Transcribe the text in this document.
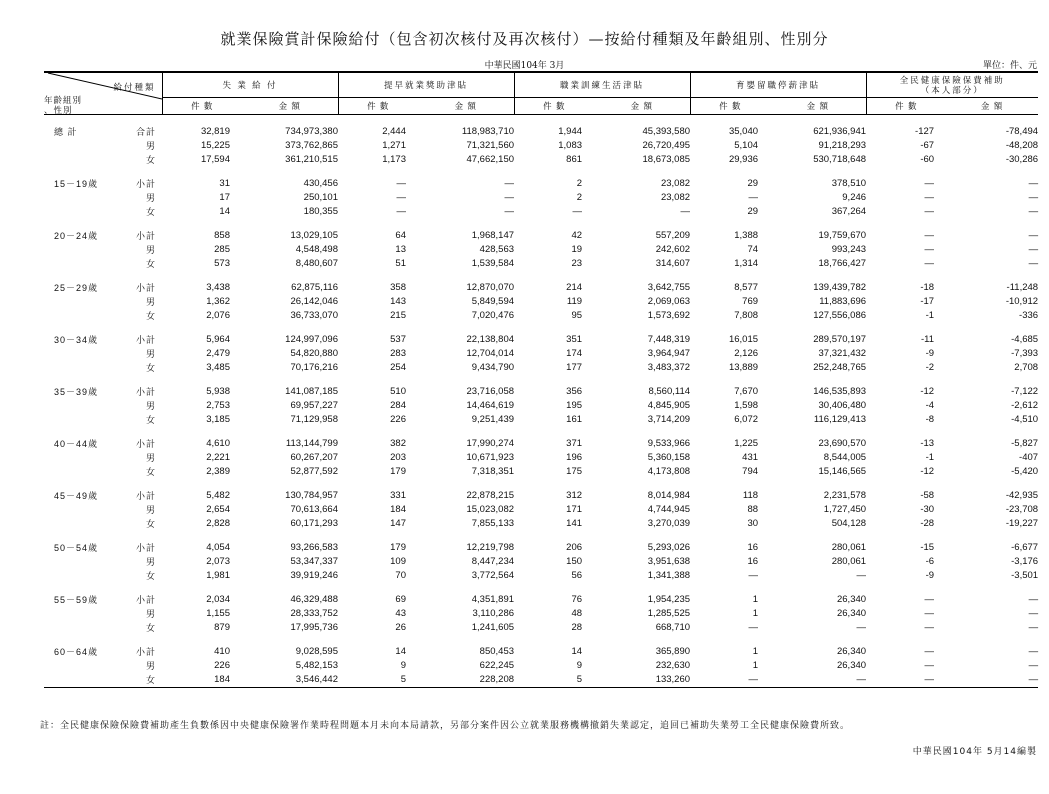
就業保險賞計保險給付（包含初次核付及再次核付）—按給付種類及年齡組別、性別分
中華民國104年 3月	單位：件、元
給付種類
年齡組別
、性別		失 業 給 付		提早就業獎助津貼		職業訓練生活津貼		育嬰留職停薪津貼		全民健康保險保費補助
（本人部分）	
		件 數	金 額	件 數	金 額	件 數	金 額	件 數	金 額	件 數	金 額

總 計	合計	32,819	734,973,380	2,444	118,983,710	1,944	45,393,580	35,040	621,936,941	-127	-78,494
	男	15,225	373,762,865	1,271	71,321,560	1,083	26,720,495	5,104	91,218,293	-67	-48,208
	女	17,594	361,210,515	1,173	47,662,150	861	18,673,085	29,936	530,718,648	-60	-30,286

15－19歲	小計	31	430,456	—	—	2	23,082	29	378,510	—	—
	男	17	250,101	—	—	2	23,082	—	9,246	—	—
	女	14	180,355	—	—	—	—	29	367,264	—	—

20－24歲	小計	858	13,029,105	64	1,968,147	42	557,209	1,388	19,759,670	—	—
	男	285	4,548,498	13	428,563	19	242,602	74	993,243	—	—
	女	573	8,480,607	51	1,539,584	23	314,607	1,314	18,766,427	—	—

25－29歲	小計	3,438	62,875,116	358	12,870,070	214	3,642,755	8,577	139,439,782	-18	-11,248
	男	1,362	26,142,046	143	5,849,594	119	2,069,063	769	11,883,696	-17	-10,912
	女	2,076	36,733,070	215	7,020,476	95	1,573,692	7,808	127,556,086	-1	-336

30－34歲	小計	5,964	124,997,096	537	22,138,804	351	7,448,319	16,015	289,570,197	-11	-4,685
	男	2,479	54,820,880	283	12,704,014	174	3,964,947	2,126	37,321,432	-9	-7,393
	女	3,485	70,176,216	254	9,434,790	177	3,483,372	13,889	252,248,765	-2	2,708

35－39歲	小計	5,938	141,087,185	510	23,716,058	356	8,560,114	7,670	146,535,893	-12	-7,122
	男	2,753	69,957,227	284	14,464,619	195	4,845,905	1,598	30,406,480	-4	-2,612
	女	3,185	71,129,958	226	9,251,439	161	3,714,209	6,072	116,129,413	-8	-4,510

40－44歲	小計	4,610	113,144,799	382	17,990,274	371	9,533,966	1,225	23,690,570	-13	-5,827
	男	2,221	60,267,207	203	10,671,923	196	5,360,158	431	8,544,005	-1	-407
	女	2,389	52,877,592	179	7,318,351	175	4,173,808	794	15,146,565	-12	-5,420

45－49歲	小計	5,482	130,784,957	331	22,878,215	312	8,014,984	118	2,231,578	-58	-42,935
	男	2,654	70,613,664	184	15,023,082	171	4,744,945	88	1,727,450	-30	-23,708
	女	2,828	60,171,293	147	7,855,133	141	3,270,039	30	504,128	-28	-19,227

50－54歲	小計	4,054	93,266,583	179	12,219,798	206	5,293,026	16	280,061	-15	-6,677
	男	2,073	53,347,337	109	8,447,234	150	3,951,638	16	280,061	-6	-3,176
	女	1,981	39,919,246	70	3,772,564	56	1,341,388	—	—	-9	-3,501

55－59歲	小計	2,034	46,329,488	69	4,351,891	76	1,954,235	1	26,340	—	—
	男	1,155	28,333,752	43	3,110,286	48	1,285,525	1	26,340	—	—
	女	879	17,995,736	26	1,241,605	28	668,710	—	—	—	—

60－64歲	小計	410	9,028,595	14	850,453	14	365,890	1	26,340	—	—
	男	226	5,482,153	9	622,245	9	232,630	1	26,340	—	—
	女	184	3,546,442	5	228,208	5	133,260	—	—	—	—
註：全民健康保險保險費補助產生負數係因中央健康保險署作業時程問題本月未向本局請款，另部分案件因公立就業服務機構撤銷失業認定，追回已補助失業勞工全民健康保險費所致。
中華民國104年 5月14編製
